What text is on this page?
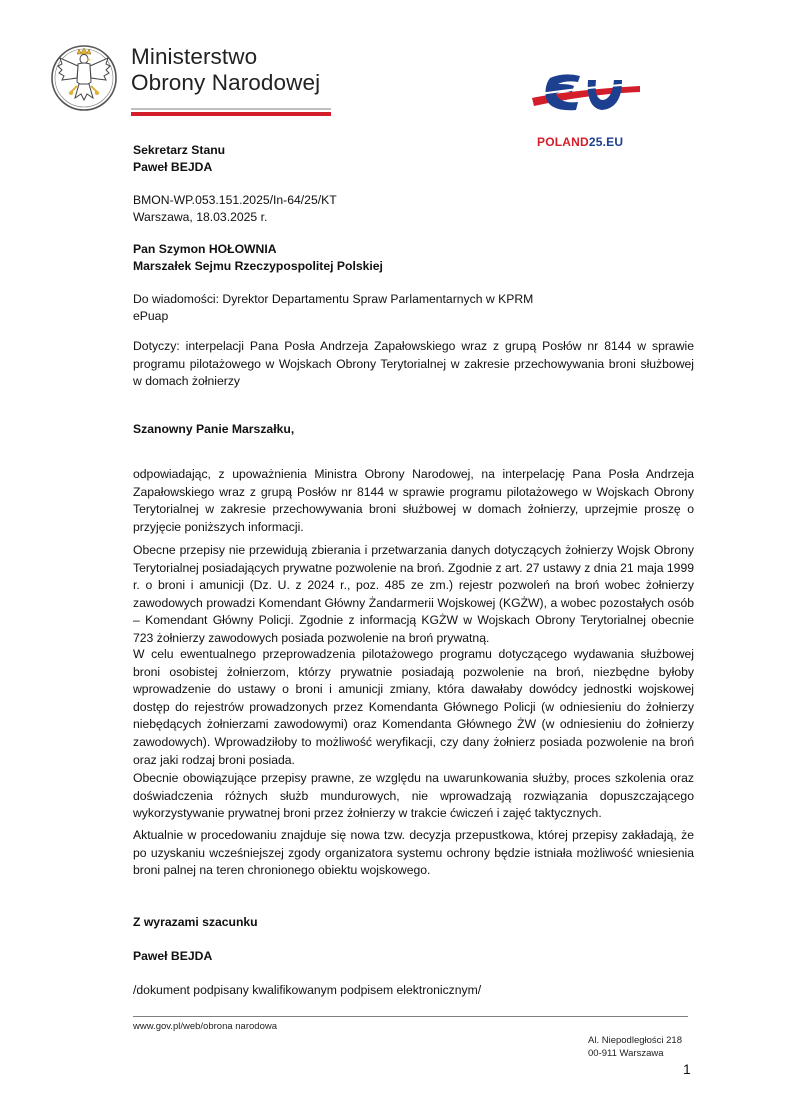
Ministerstwo
Obrony Narodowej
POLAND25.EU
Sekretarz Stanu
Paweł BEJDA
BMON-WP.053.151.2025/In-64/25/KT
Warszawa, 18.03.2025 r.
Pan Szymon HOŁOWNIA
Marszałek Sejmu Rzeczypospolitej Polskiej
Do wiadomości: Dyrektor Departamentu Spraw Parlamentarnych w KPRM
ePuap

Dotyczy: interpelacji Pana Posła Andrzeja Zapałowskiego wraz z grupą Posłów nr 8144 w sprawie programu pilotażowego w Wojskach Obrony Terytorialnej w zakresie przechowywania broni służbowej w domach żołnierzy

Szanowny Panie Marszałku,

odpowiadając, z upoważnienia Ministra Obrony Narodowej, na interpelację Pana Posła Andrzeja Zapałowskiego wraz z grupą Posłów nr 8144 w sprawie programu pilotażowego w Wojskach Obrony Terytorialnej w zakresie przechowywania broni służbowej w domach żołnierzy, uprzejmie proszę o przyjęcie poniższych informacji.

Obecne przepisy nie przewidują zbierania i przetwarzania danych dotyczących żołnierzy Wojsk Obrony Terytorialnej posiadających prywatne pozwolenie na broń. Zgodnie z art. 27 ustawy z dnia 21 maja 1999 r. o broni i amunicji (Dz. U. z 2024 r., poz. 485 ze zm.) rejestr pozwoleń na broń wobec żołnierzy zawodowych prowadzi Komendant Główny Żandarmerii Wojskowej (KGŻW), a wobec pozostałych osób – Komendant Główny Policji. Zgodnie z informacją KGŻW w Wojskach Obrony Terytorialnej obecnie 723 żołnierzy zawodowych posiada pozwolenie na broń prywatną.

W celu ewentualnego przeprowadzenia pilotażowego programu dotyczącego wydawania służbowej broni osobistej żołnierzom, którzy prywatnie posiadają pozwolenie na broń, niezbędne byłoby wprowadzenie do ustawy o broni i amunicji zmiany, która dawałaby dowódcy jednostki wojskowej dostęp do rejestrów prowadzonych przez Komendanta Głównego Policji (w odniesieniu do żołnierzy niebędących żołnierzami zawodowymi) oraz Komendanta Głównego ŻW (w odniesieniu do żołnierzy zawodowych). Wprowadziłoby to możliwość weryfikacji, czy dany żołnierz posiada pozwolenie na broń oraz jaki rodzaj broni posiada.

Obecnie obowiązujące przepisy prawne, ze względu na uwarunkowania służby, proces szkolenia oraz doświadczenia różnych służb mundurowych, nie wprowadzają rozwiązania dopuszczającego wykorzystywanie prywatnej broni przez żołnierzy w trakcie ćwiczeń i zajęć taktycznych.

Aktualnie w procedowaniu znajduje się nowa tzw. decyzja przepustkowa, której przepisy zakładają, że po uzyskaniu wcześniejszej zgody organizatora systemu ochrony będzie istniała możliwość wniesienia broni palnej na teren chronionego obiektu wojskowego.

Z wyrazami szacunku
Paweł BEJDA
/dokument podpisany kwalifikowanym podpisem elektronicznym/
www.gov.pl/web/obrona narodowa
Al. Niepodległości 218
00-911 Warszawa
1
